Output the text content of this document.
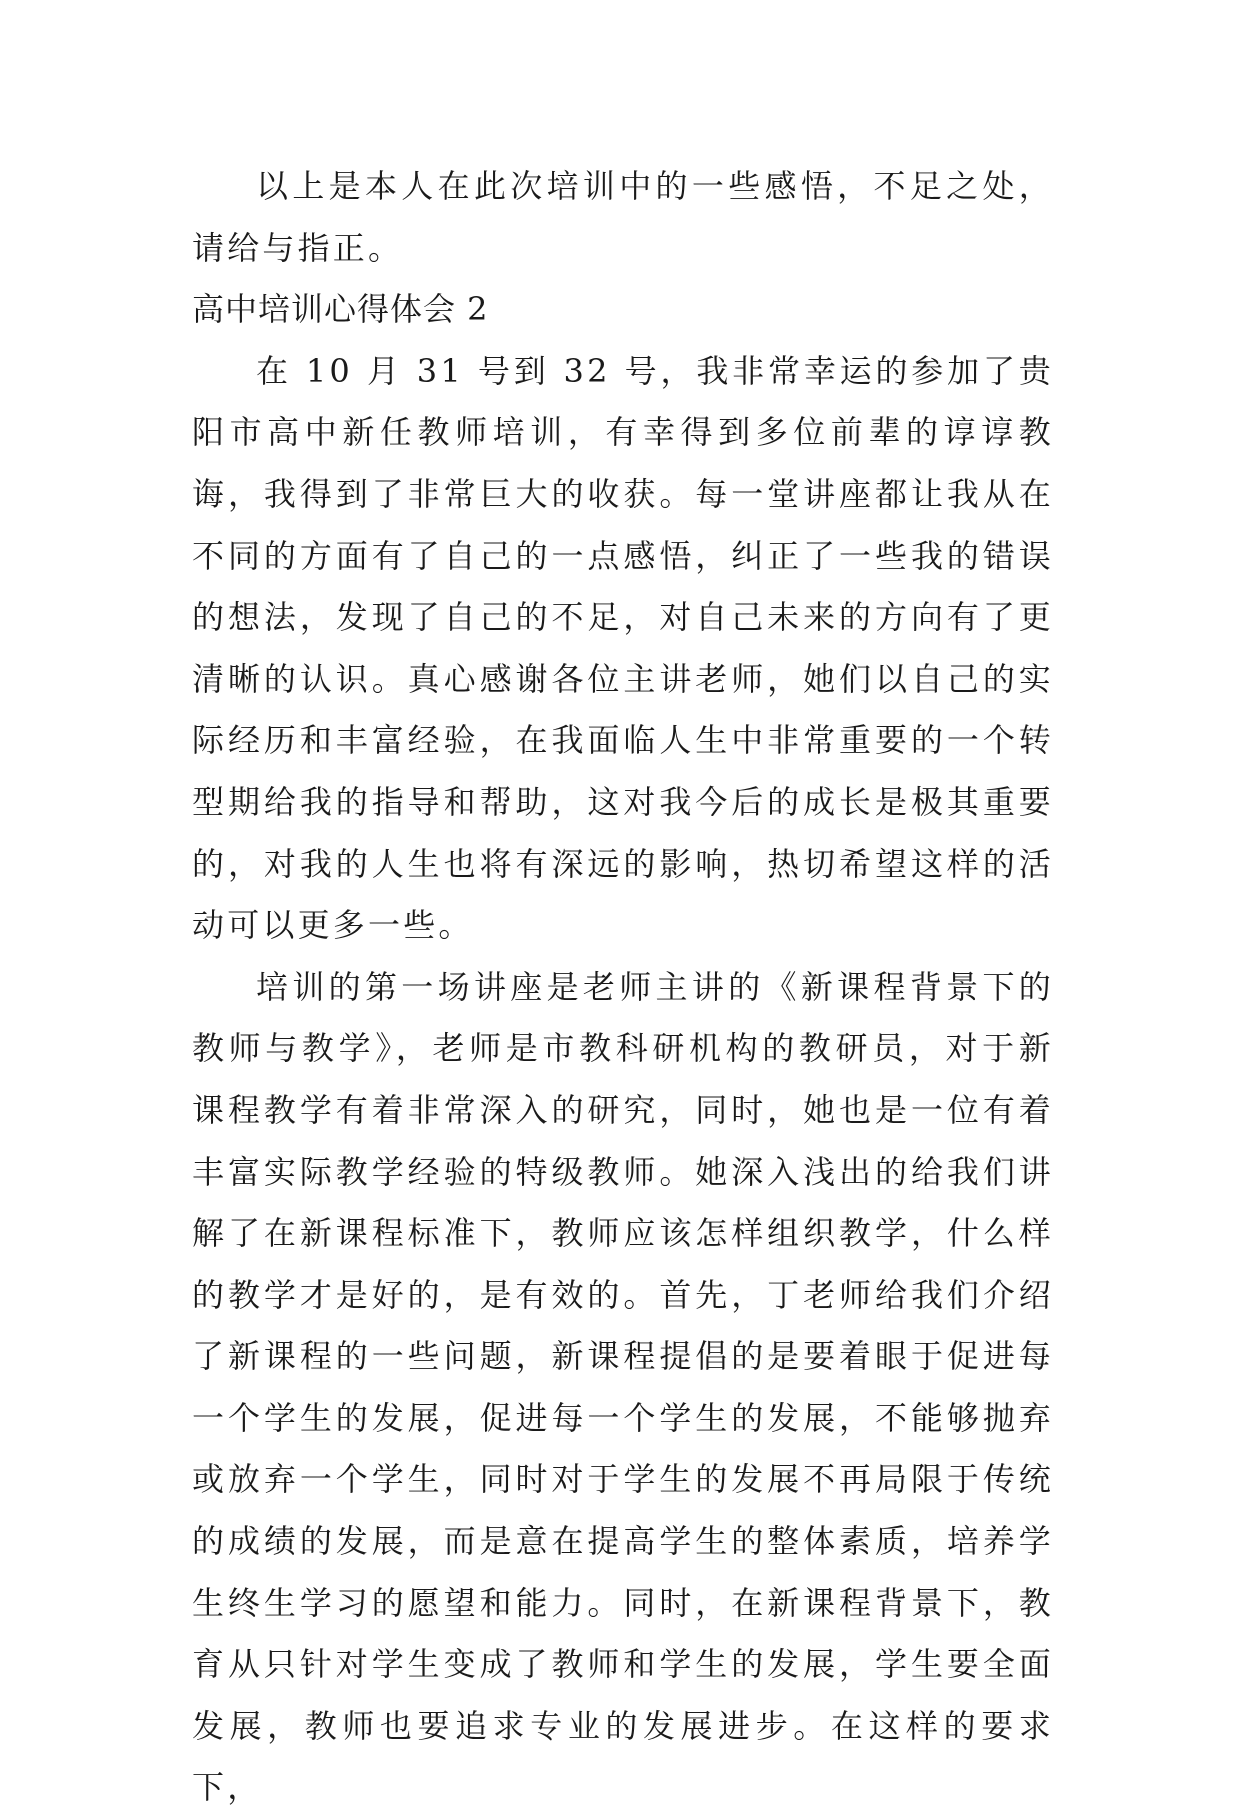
以上是本人在此次培训中的一些感悟，不足之处，请给与指正。

高中培训心得体会 2

在 10 月 31 号到 32 号，我非常幸运的参加了贵阳市高中新任教师培训，有幸得到多位前辈的谆谆教诲，我得到了非常巨大的收获。每一堂讲座都让我从在不同的方面有了自己的一点感悟，纠正了一些我的错误的想法，发现了自己的不足，对自己未来的方向有了更清晰的认识。真心感谢各位主讲老师，她们以自己的实际经历和丰富经验，在我面临人生中非常重要的一个转型期给我的指导和帮助，这对我今后的成长是极其重要的，对我的人生也将有深远的影响，热切希望这样的活动可以更多一些。

培训的第一场讲座是老师主讲的《新课程背景下的教师与教学》，老师是市教科研机构的教研员，对于新课程教学有着非常深入的研究，同时，她也是一位有着丰富实际教学经验的特级教师。她深入浅出的给我们讲解了在新课程标准下，教师应该怎样组织教学，什么样的教学才是好的，是有效的。首先，丁老师给我们介绍了新课程的一些问题，新课程提倡的是要着眼于促进每一个学生的发展，促进每一个学生的发展，不能够抛弃或放弃一个学生，同时对于学生的发展不再局限于传统的成绩的发展，而是意在提高学生的整体素质，培养学生终生学习的愿望和能力。同时，在新课程背景下，教育从只针对学生变成了教师和学生的发展，学生要全面发展，教师也要追求专业的发展进步。在这样的要求下，
